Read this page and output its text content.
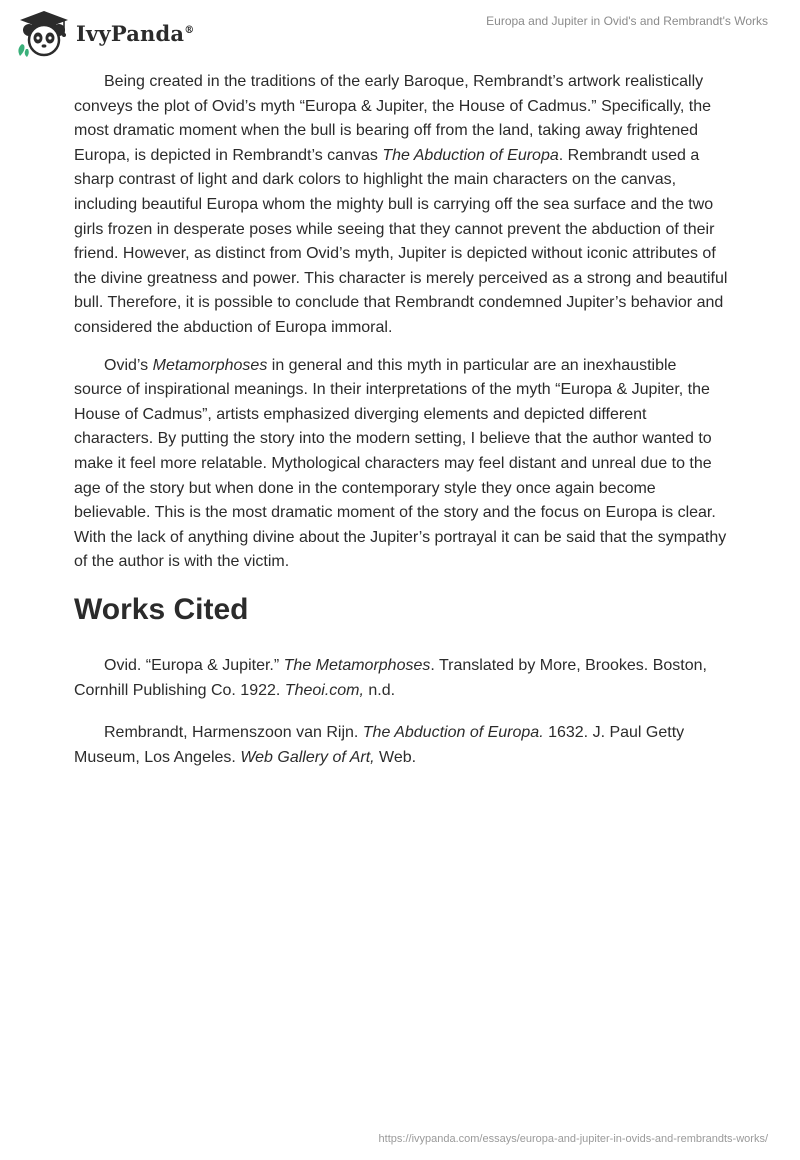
IvyPanda®
Europa and Jupiter in Ovid's and Rembrandt's Works

Being created in the traditions of the early Baroque, Rembrandt’s artwork realistically conveys the plot of Ovid’s myth “Europa & Jupiter, the House of Cadmus.” Specifically, the most dramatic moment when the bull is bearing off from the land, taking away frightened Europa, is depicted in Rembrandt’s canvas The Abduction of Europa. Rembrandt used a sharp contrast of light and dark colors to highlight the main characters on the canvas, including beautiful Europa whom the mighty bull is carrying off the sea surface and the two girls frozen in desperate poses while seeing that they cannot prevent the abduction of their friend. However, as distinct from Ovid’s myth, Jupiter is depicted without iconic attributes of the divine greatness and power. This character is merely perceived as a strong and beautiful bull. Therefore, it is possible to conclude that Rembrandt condemned Jupiter’s behavior and considered the abduction of Europa immoral.

Ovid’s Metamorphoses in general and this myth in particular are an inexhaustible source of inspirational meanings. In their interpretations of the myth “Europa & Jupiter, the House of Cadmus”, artists emphasized diverging elements and depicted different characters. By putting the story into the modern setting, I believe that the author wanted to make it feel more relatable. Mythological characters may feel distant and unreal due to the age of the story but when done in the contemporary style they once again become believable. This is the most dramatic moment of the story and the focus on Europa is clear. With the lack of anything divine about the Jupiter’s portrayal it can be said that the sympathy of the author is with the victim.

Works Cited

Ovid. “Europa & Jupiter.” The Metamorphoses. Translated by More, Brookes. Boston, Cornhill Publishing Co. 1922. Theoi.com, n.d.

Rembrandt, Harmenszoon van Rijn. The Abduction of Europa. 1632. J. Paul Getty Museum, Los Angeles. Web Gallery of Art, Web.

https://ivypanda.com/essays/europa-and-jupiter-in-ovids-and-rembrandts-works/
